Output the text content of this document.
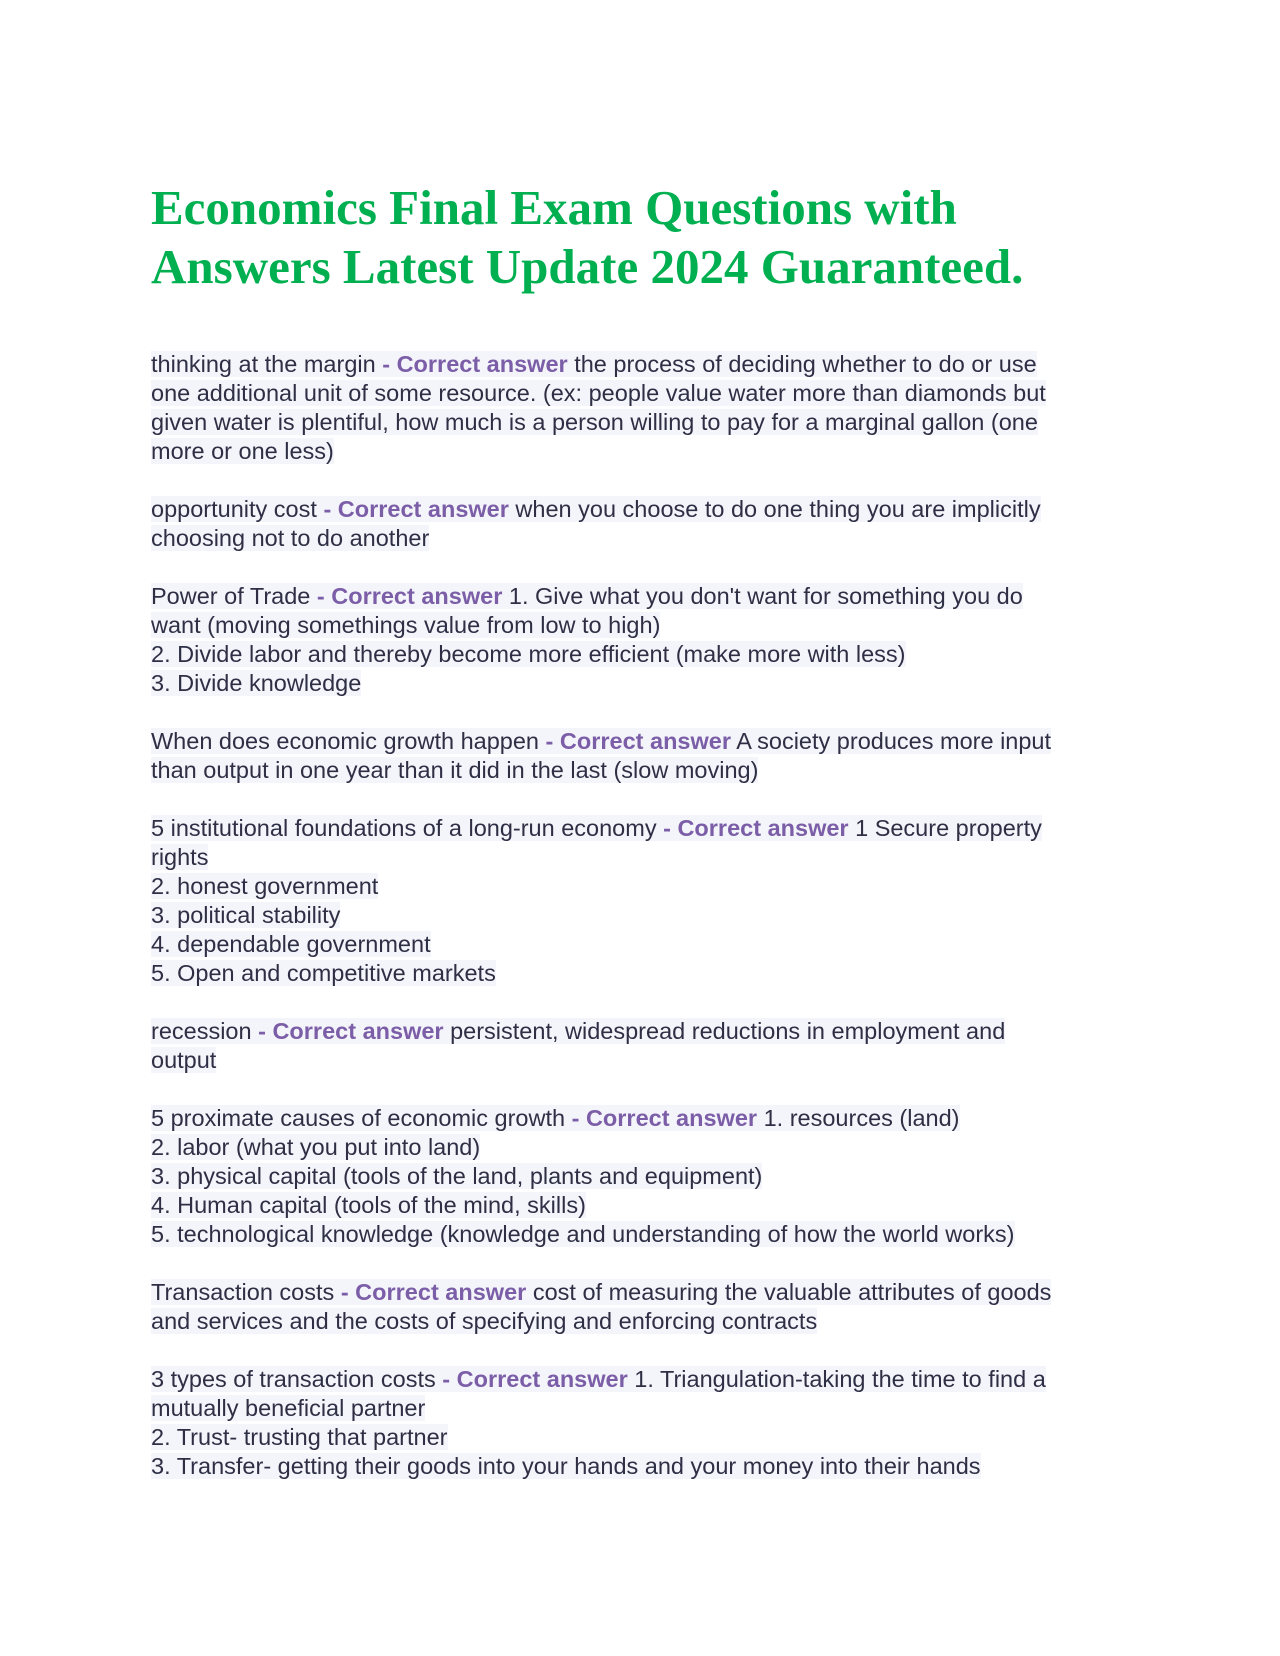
Economics Final Exam Questions with
Answers Latest Update 2024 Guaranteed.
thinking at the margin - Correct answer the process of deciding whether to do or use
one additional unit of some resource. (ex: people value water more than diamonds but
given water is plentiful, how much is a person willing to pay for a marginal gallon (one
more or one less)
opportunity cost - Correct answer when you choose to do one thing you are implicitly
choosing not to do another
Power of Trade - Correct answer 1. Give what you don't want for something you do
want (moving somethings value from low to high)
2. Divide labor and thereby become more efficient (make more with less)
3. Divide knowledge
When does economic growth happen - Correct answer A society produces more input
than output in one year than it did in the last (slow moving)
5 institutional foundations of a long-run economy - Correct answer 1 Secure property
rights
2. honest government
3. political stability
4. dependable government
5. Open and competitive markets
recession - Correct answer persistent, widespread reductions in employment and
output
5 proximate causes of economic growth - Correct answer 1. resources (land)
2. labor (what you put into land)
3. physical capital (tools of the land, plants and equipment)
4. Human capital (tools of the mind, skills)
5. technological knowledge (knowledge and understanding of how the world works)
Transaction costs - Correct answer cost of measuring the valuable attributes of goods
and services and the costs of specifying and enforcing contracts
3 types of transaction costs - Correct answer 1. Triangulation-taking the time to find a
mutually beneficial partner
2. Trust- trusting that partner
3. Transfer- getting their goods into your hands and your money into their hands
